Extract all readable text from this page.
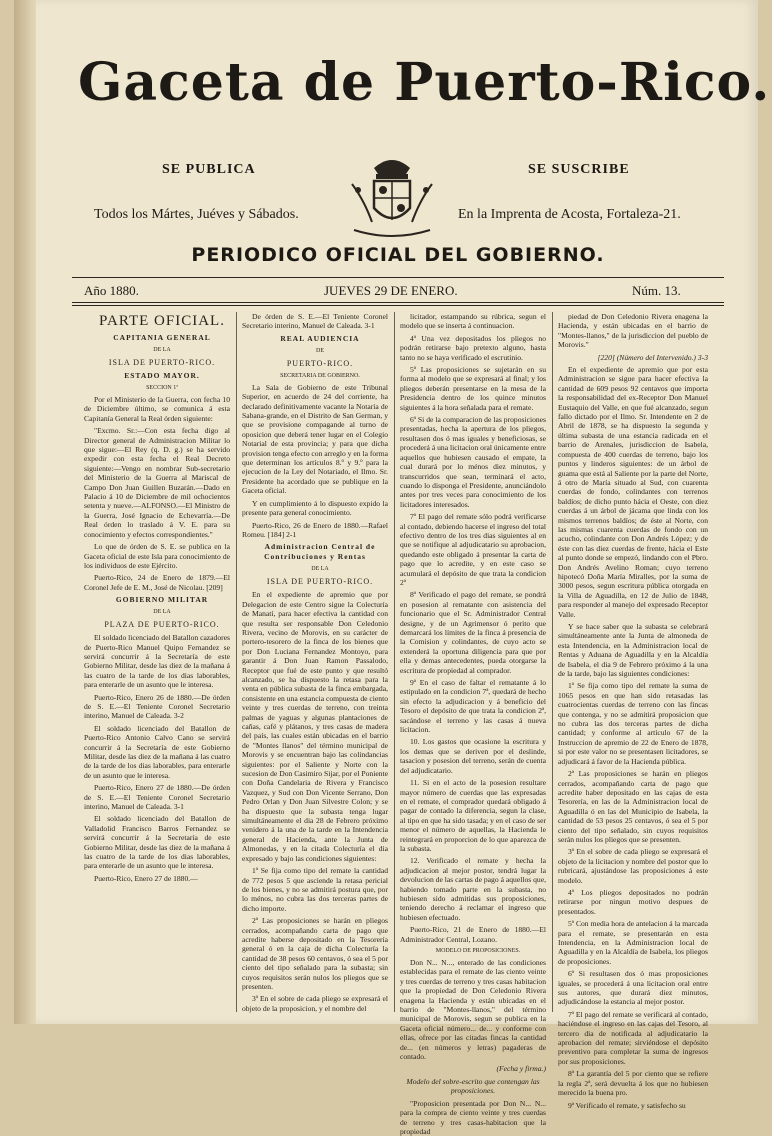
Gaceta de Puerto-Rico.
SE PUBLICA	SE SUSCRIBE
Todos los Mártes, Juéves y Sábados.	En la Imprenta de Acosta, Fortaleza-21.
PERIODICO OFICIAL DEL GOBIERNO.
Año 1880.	JUEVES 29 DE ENERO.	Núm. 13.

PARTE OFICIAL.

CAPITANIA GENERAL

DE LA

ISLA DE PUERTO-RICO.

ESTADO MAYOR.

SECCION 1ª

Por el Ministerio de la Guerra, con fecha 10 de Diciembre último, se comunica á esta Capitanía General la Real órden siguiente:

"Excmo. Sr.:—Con esta fecha digo al Director general de Administracion Militar lo que sigue:—El Rey (q. D. g.) se ha servido expedir con esta fecha el Real Decreto siguiente:—Vengo en nombrar Sub-secretario del Ministerio de la Guerra al Mariscal de Campo Don Juan Guillen Buzarán.—Dado en Palacio á 10 de Diciembre de mil ochocientos setenta y nueve.—ALFONSO.—El Ministro de la Guerra, José Ignacio de Echevarría.—De Real órden lo traslado á V. E. para su conocimiento y efectos correspondientes."

Lo que de órden de S. E. se publica en la Gaceta oficial de este Isla para conocimiento de los individuos de este Ejército.

Puerto-Rico, 24 de Enero de 1879.—El Coronel Jefe de E. M., José de Nicolau. [209]

GOBIERNO MILITAR

DE LA

PLAZA DE PUERTO-RICO.

El soldado licenciado del Batallon cazadores de Puerto-Rico Manuel Quipo Fernandez se servirá concurrir á la Secretaría de este Gobierno Militar, desde las diez de la mañana á las cuatro de la tarde de los dias laborables, para enterarle de un asunto que le interesa.

Puerto-Rico, Enero 26 de 1880.—De órden de S. E.—El Teniente Coronel Secretario interino, Manuel de Caleada. 3-2

El soldado licenciado del Batallon de Puerto-Rico Antonio Calvo Cano se servirá concurrir á la Secretaría de este Gobierno Militar, desde las diez de la mañana á las cuatro de la tarde de los dias laborables, para enterarle de un asunto que le interesa.

Puerto-Rico, Enero 27 de 1880.—De órden de S. E.—El Teniente Coronel Secretario interino, Manuel de Caleada. 3-1

El soldado licenciado del Batallon de Valladolid Francisco Barros Fernandez se servirá concurrir á la Secretaría de este Gobierno Militar, desde las diez de la mañana á las cuatro de la tarde de los dias laborables, para enterarle de un asunto que le interesa.

Puerto-Rico, Enero 27 de 1880.—

De órden de S. E.—El Teniente Coronel Secretario interino, Manuel de Caleada. 3-1

REAL AUDIENCIA

DE

PUERTO-RICO.

SECRETARIA DE GOBIERNO.

La Sala de Gobierno de este Tribunal Superior, en acuerdo de 24 del corriente, ha declarado definitivamente vacante la Notaría de Sabana-grande, en el Distrito de San German, y que se provisione compagande al turno de oposicion que deberá tener lugar en el Colegio Notarial de esta provincia; y para que dicha provision tenga efecto con arreglo y en la forma que determinan los artículos 8.º y 9.º para la ejecucion de la Ley del Notariado, el Ilmo. Sr. Presidente ha acordado que se publique en la Gaceta oficial.

Y en cumplimiento á lo dispuesto expido la presente para general conocimiento.

Puerto-Rico, 26 de Enero de 1880.—Rafael Romeu. [184] 2-1

Administracion Central de Contribuciones y Rentas

DE LA

ISLA DE PUERTO-RICO.

En el expediente de apremio que por Delegacion de este Centro sigue la Colecturía de Manatí, para hacer efectiva la cantidad con que resulta ser responsable Don Celedonio Rivera, vecino de Morovis, en su carácter de portero-tesorero de la finca de los bienes que por Don Luciana Fernandez Montoyo, para garantir á Don Juan Ramon Passalodo, Receptor que fué de este punto y que resultó alcanzado, se ha dispuesto la retasa para la venta en pública subasta de la finca embargada, consistente en una estancia compuesta de ciento veinte y tres cuerdas de terreno, con treinta palmas de yaguas y algunas plantaciones de cañas, café y plátanos, y tres casas de madera del país, las cuales están ubicadas en el barrio de "Montes llanos" del término municipal de Morovis y se encuentran bajo las colindancias siguientes: por el Saliente y Norte con la sucesion de Don Casimiro Sijar, por el Poniente con Doña Candelaria de Rivera y Francisco Vazquez, y Sud con Don Vicente Serrano, Don Pedro Orlan y Don Juan Silvestre Colon; y se ha dispuesto que la subasta tenga lugar simultáneamente el dia 28 de Febrero próximo venidero á la una de la tarde en la Intendencia general de Hacienda, ante la Junta de Almonedas, y en la citada Colecturía el dia expresado y bajo las condiciones siguientes:

1ª Se fija como tipo del remate la cantidad de 772 pesos 5 que asciende la retasa pericial de los bienes, y no se admitirá postura que, por lo ménos, no cubra las dos terceras partes de dicho importe.

2ª Las proposiciones se harán en pliegos cerrados, acompañando carta de pago que acredite haberse depositado en la Tesorería general ó en la caja de dicha Colecturía la cantidad de 38 pesos 60 centavos, ó sea el 5 por ciento del tipo señalado para la subasta; sin cuyos requisitos serán nulos los pliegos que se presenten.

3ª En el sobre de cada pliego se expresará el objeto de la proposicion, y el nombre del

licitador, estampando su rúbrica, segun el modelo que se inserta á continuacion.

4ª Una vez depositados los pliegos no podrán retirarse bajo pretexto alguno, hasta tanto no se haya verificado el escrutinio.

5ª Las proposiciones se sujetarán en su forma al modelo que se expresará al final; y los pliegos deberán presentarse en la mesa de la Presidencia dentro de los quince minutos siguientes á la hora señalada para el remate.

6ª Si de la comparacion de las proposiciones presentadas, hecha la apertura de los pliegos, resultasen dos ó mas iguales y beneficiosas, se procederá á una licitacion oral únicamente entre aquellos que hubiesen causado el empate, la cual durará por lo ménos diez minutos, y transcurridos que sean, terminará el acto, cuando lo disponga el Presidente, anunciándolo antes por tres veces para conocimiento de los licitadores interesados.

7ª El pago del remate sólo podrá verificarse al contado, debiendo hacerse el ingreso del total efectivo dentro de los tres dias siguientes al en que se notifique al adjudicatario su aprobacion, quedando este obligado á presentar la carta de pago que lo acredite, y en este caso se acumulará el depósito de que trata la condicion 2ª

8ª Verificado el pago del remate, se pondrá en posesion al rematante con asistencia del funcionario que el Sr. Administrador Central designe, y de un Agrimensor ó perito que demarcará los límites de la finca á presencia de la Comision y colindantes, de cuyo acto se extenderá la oportuna diligencia para que por ella y demas antecedentes, pueda otorgarse la escritura de propiedad al comprador.

9ª En el caso de faltar el rematante á lo estipulado en la condicion 7ª, quedará de hecho sin efecto la adjudicacion y á beneficio del Tesoro el depósito de que trata la condicion 2ª, sacándose el terreno y las casas á nueva licitacion.

10. Los gastos que ocasione la escritura y los demas que se deriven por el deslinde, tasacion y posesion del terreno, serán de cuenta del adjudicatario.

11. Si en el acto de la posesion resultare mayor número de cuerdas que las expresadas en el remate, el comprador quedará obligado á pagar de contado la diferencia, segun la clase, al tipo en que ha sido tasada; y en el caso de ser menor el número de aquellas, la Hacienda le reintegrará en proporcion de lo que aparezca de la subasta.

12. Verificado el remate y hecha la adjudicacion al mejor postor, tendrá lugar la devolucion de las cartas de pago á aquellos que, habiendo tomado parte en la subasta, no hubiesen sido admitidas sus proposiciones, teniendo derecho á reclamar el ingreso que hubiesen efectuado.

Puerto-Rico, 21 de Enero de 1880.—El Administrador Central, Lozano.

MODELO DE PROPOSICIONES.

Don N... N..., enterado de las condiciones establecidas para el remate de las ciento veinte y tres cuerdas de terreno y tres casas habitacion que la propiedad de Don Celedonio Rivera enagena la Hacienda y están ubicadas en el barrio de "Montes-llanos," del término municipal de Morovis, segun se publica en la Gaceta oficial número... de... y conforme con ellas, ofrece por las citadas fincas la cantidad de... (en números y letras) pagaderas de contado.

(Fecha y firma.)

Modelo del sobre-escrito que contengan las proposiciones.

"Proposicion presentada por Don N... N... para la compra de ciento veinte y tres cuerdas de terreno y tres casas-habitacion que la propiedad

piedad de Don Celedonio Rivera enagena la Hacienda, y están ubicadas en el barrio de "Montes-llanos," de la jurisdiccion del pueblo de Morovis."

[220] (Número del Intervenido.) 3-3

En el expediente de apremio que por esta Administracion se sigue para hacer efectiva la cantidad de 609 pesos 92 centavos que importa la responsabilidad del ex-Receptor Don Manuel Eustaquio del Valle, en que fué alcanzado, segun fallo dictado por el Ilmo. Sr. Intendente en 2 de Abril de 1878, se ha dispuesto la segunda y última subasta de una estancia radicada en el barrio de Arenales, jurisdiccion de Isabela, compuesta de 400 cuerdas de terreno, bajo los puntos y linderos siguientes: de un árbol de guama que está al Saliente por la parte del Norte, á otro de María situado al Sud, con cuarenta cuerdas de fondo, colindantes con terrenos baldíos; de dicho punto hácia el Oeste, con diez cuerdas á un árbol de jácama que linda con los mismos terrenos baldíos; de éste al Norte, con las mismas cuarenta cuerdas de fondo con un acucho, colindante con Don Andrés López; y de éste con las diez cuerdas de frente, hácia el Este al punto donde se empezó, lindando con el Pbro. Don Andrés Avelino Roman; cuyo terreno hipotecó Doña María Miralles, por la suma de 3000 pesos, segun escritura pública otorgada en la Villa de Aguadilla, en 12 de Julio de 1848, para responder al manejo del expresado Receptor Valle.

Y se hace saber que la subasta se celebrará simultáneamente ante la Junta de almoneda de esta Intendencia, en la Administracion local de Rentas y Aduana de Aguadilla y en la Alcaldía de Isabela, el dia 9 de Febrero próximo á la una de la tarde, bajo las siguientes condiciones:

1ª Se fija como tipo del remate la suma de 1065 pesos en que han sido retasadas las cuatrocientas cuerdas de terreno con las fincas que contenga, y no se admitirá proposicion que no cubra las dos terceras partes de dicha cantidad; y conforme al artículo 67 de la Instruccion de apremio de 22 de Enero de 1878, si por este valor no se presentasen licitadores, se adjudicará á favor de la Hacienda pública.

2ª Las proposiciones se harán en pliegos cerrados, acompañando carta de pago que acredite haber depositado en las cajas de esta Tesorería, en las de la Administracion local de Aguadilla ó en las del Municipio de Isabela, la cantidad de 53 pesos 25 centavos, ó sea el 5 por ciento del tipo señalado, sin cuyos requisitos serán nulos los pliegos que se presenten.

3ª En el sobre de cada pliego se expresará el objeto de la licitacion y nombre del postor que lo rubricará, ajustándose las proposiciones á este modelo.

4ª Los pliegos depositados no podrán retirarse por ningun motivo despues de presentados.

5ª Con media hora de antelacion á la marcada para el remate, se presentarán en esta Intendencia, en la Administracion local de Aguadilla y en la Alcaldía de Isabela, los pliegos de proposiciones.

6ª Si resultasen dos ó mas proposiciones iguales, se procederá á una licitacion oral entre sus autores, que durará diez minutos, adjudicándose la estancia al mejor postor.

7ª El pago del remate se verificará al contado, haciéndose el ingreso en las cajas del Tesoro, al tercero dia de notificada al adjudicatario la aprobacion del remate; sirviéndose el depósito preventivo para completar la suma de ingresos por sus proposiciones.

8ª La garantía del 5 por ciento que se refiere la regla 2ª, será devuelta á los que no hubiesen merecido la buena pro.

9ª Verificado el remate, y satisfecho su
